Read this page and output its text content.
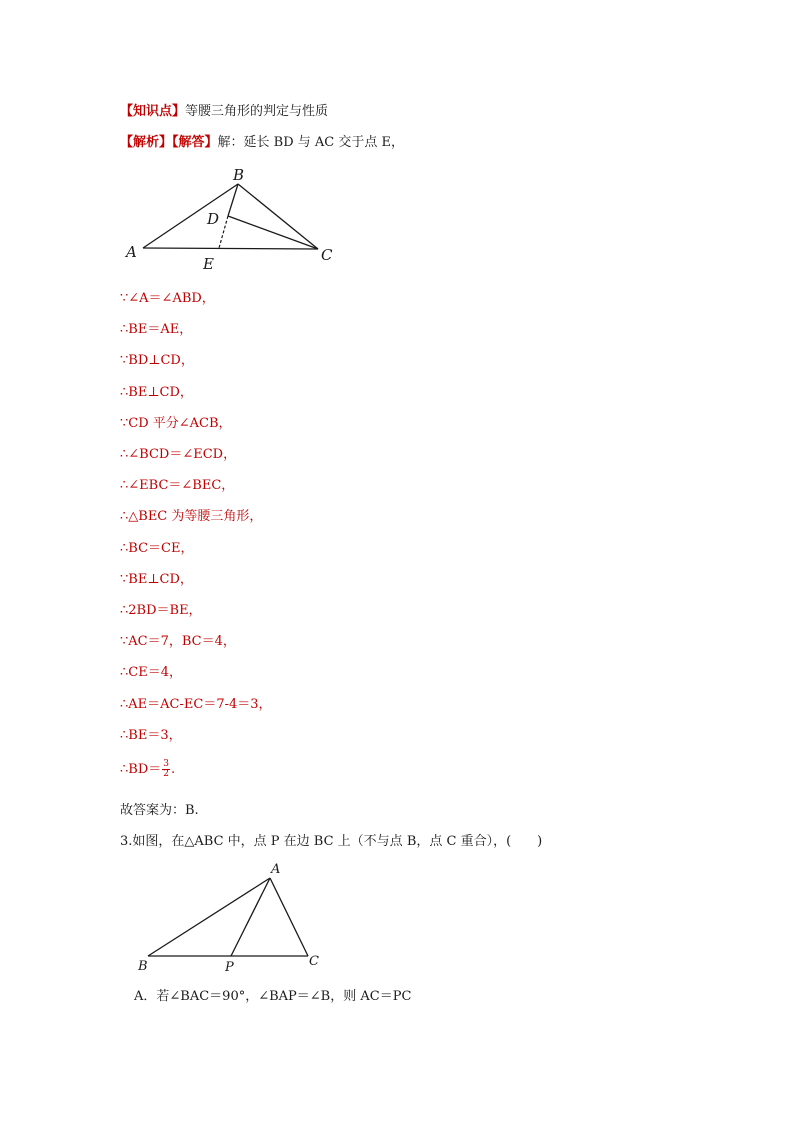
【知识点】等腰三角形的判定与性质
【解析】【解答】解：延长 BD 与 AC 交于点 E，
A
B
C
D
E
∵∠A＝∠ABD，
∴BE＝AE，
∵BD⊥CD，
∴BE⊥CD，
∵CD 平分∠ACB，
∴∠BCD＝∠ECD，
∴∠EBC＝∠BEC，
∴△BEC 为等腰三角形，
∴BC＝CE，
∵BE⊥CD，
∴2BD＝BE，
∵AC＝7，BC＝4，
∴CE＝4，
∴AE＝AC-EC＝7-4＝3，
∴BE＝3，
∴BD＝ $\frac{3}{2}$ .
故答案为：B.
3.如图，在△ABC 中，点 P 在边 BC 上（不与点 B，点 C 重合），(　　)
A
B	C
P
A．若∠BAC＝90°，∠BAP＝∠B，则 AC＝PC
